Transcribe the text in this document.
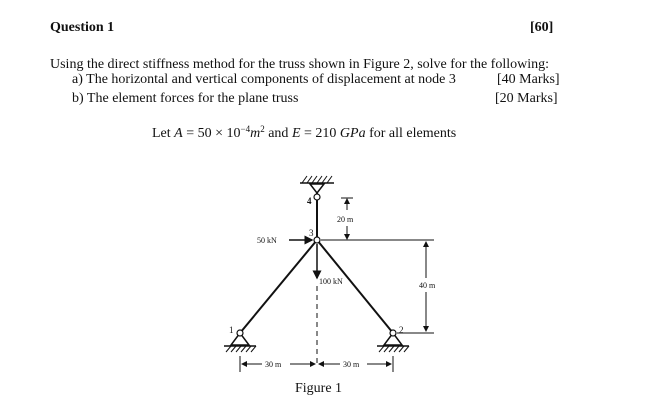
Question 1	[60]
Using the direct stiffness method for the truss shown in Figure 2, solve for the following:
a) The horizontal and vertical components of displacement at node 3	[40 Marks]
b) The element forces for the plane truss	[20 Marks]
Let $A = 50 \times 10^{-4}m^2$ and E = 210 GPa for all elements
4
3
1	2
50 kN
100 kN
20 m
40 m
30 m	30 m
Figure 1
